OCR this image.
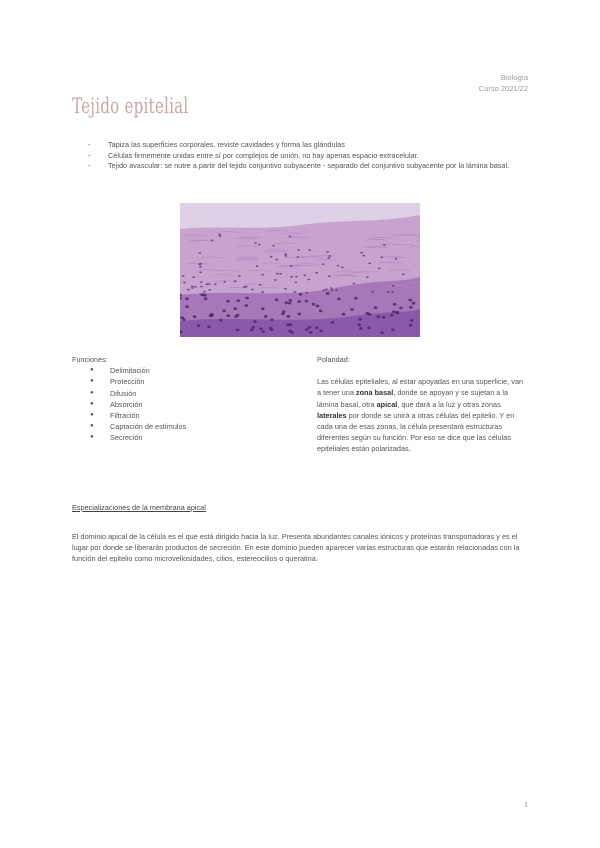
Biología
Curso 2021/22
Tejido epitelial
- Tapiza las superficies corporales, reviste cavidades y forma las glándulas
- Células firmemente unidas entre sí por complejos de unión, no hay apenas espacio extracelular.
- Tejido avascular: se nutre a partir del tejido conjuntivo subyacente - separado del conjuntivo subyacente por la lámina basal.
Funciones:
● Delimitación
● Protección
● Difusión
● Absorción
● Filtración
● Captación de estímulos
● Secreción

Polaridad:

Las células epiteliales, al estar apoyadas en una superficie, van a tener una zona basal, donde se apoyan y se sujetan a la lámina basal, otra apical, que dará a la luz y otras zonas laterales por donde se unirá a otras células del epitelio. Y en cada una de esas zonas, la célula presentará estructuras diferentes según su función. Por eso se dice que las células epiteliales están polarizadas.

Especializaciones de la membrana apical
El dominio apical de la célula es el que está dirigido hacia la luz. Presenta abundantes canales iónicos y proteínas transportadoras y es el lugar por donde se liberarán productos de secreción. En este dominio pueden aparecer varias estructuras que estarán relacionadas con la función del epitelio como microvellosidades, cilios, estereocilios o queratina.
1
